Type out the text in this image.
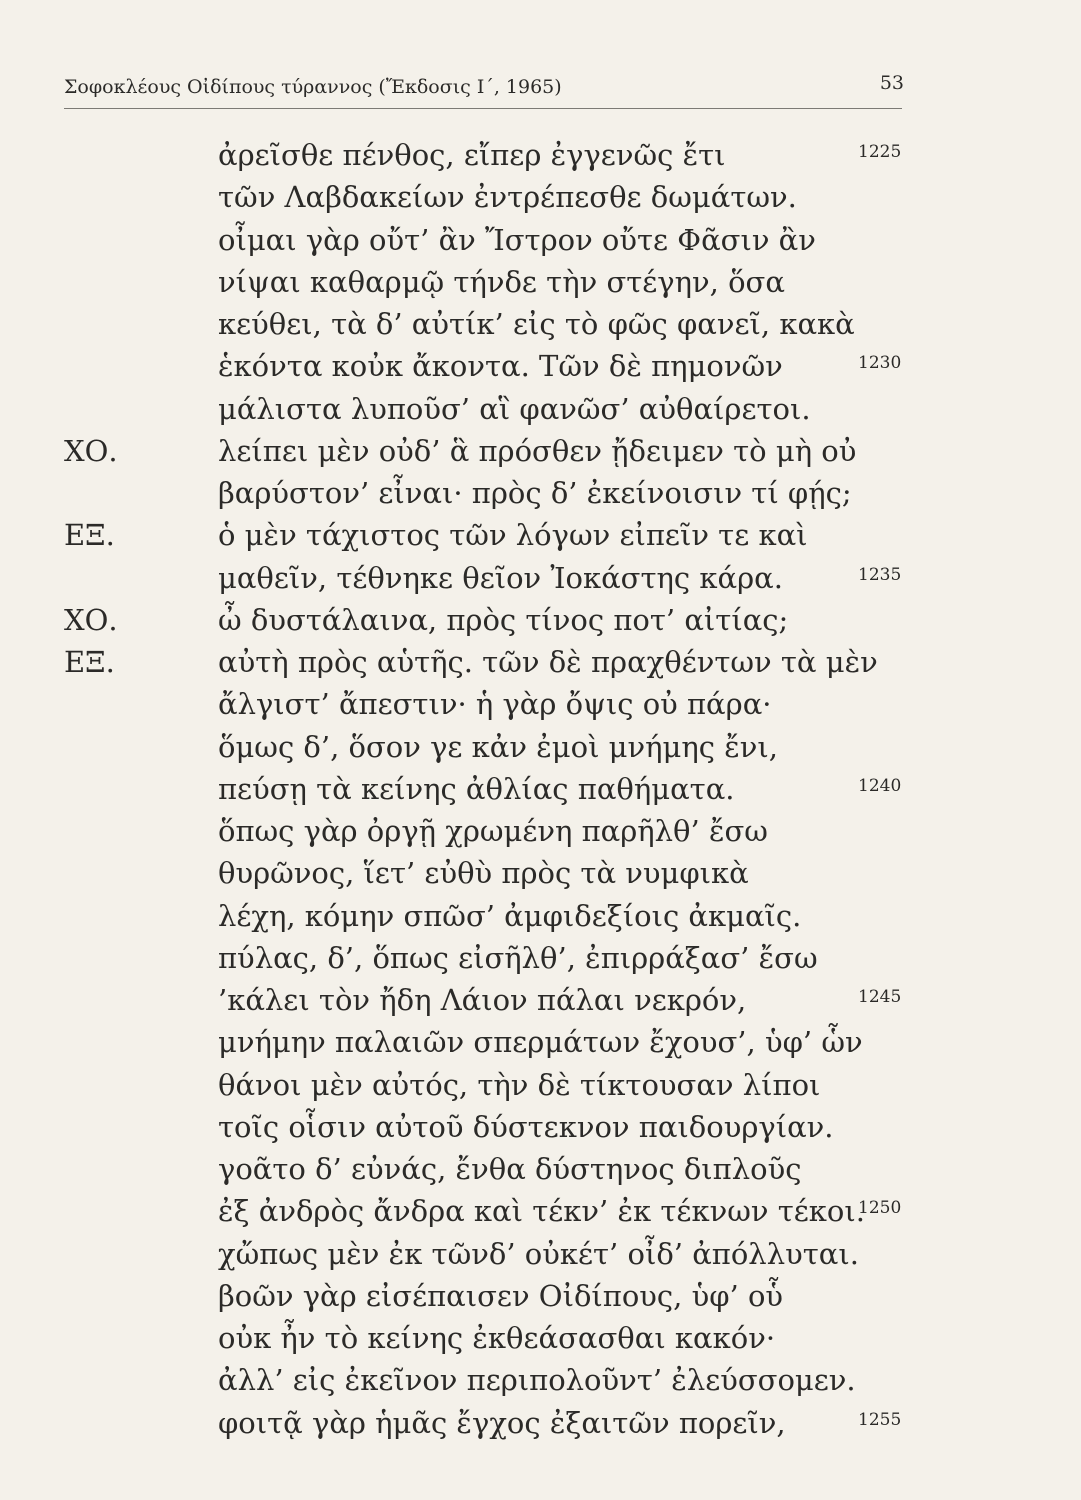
Σοφοκλέους Οἰδίπους τύραννος (Ἔκδοσις Ι΄, 1965)	53
ἀρεῖσθε πένθος, εἴπερ ἐγγενῶς ἔτι	1225
τῶν Λαβδακείων ἐντρέπεσθε δωμάτων.
οἶμαι γὰρ οὔτ’ ἂν Ἴστρον οὔτε Φᾶσιν ἂν
νίψαι καθαρμῷ τήνδε τὴν στέγην, ὅσα
κεύθει, τὰ δ’ αὐτίκ’ εἰς τὸ φῶς φανεῖ, κακὰ
ἑκόντα κοὐκ ἄκοντα. Τῶν δὲ πημονῶν	1230
μάλιστα λυποῦσ’ αἳ φανῶσ’ αὐθαίρετοι.
ΧΟ.	λείπει μὲν οὐδ’ ἃ πρόσθεν ᾔδειμεν τὸ μὴ οὐ
βαρύστον’ εἶναι· πρὸς δ’ ἐκείνοισιν τί φῄς;
ΕΞ.	ὁ μὲν τάχιστος τῶν λόγων εἰπεῖν τε καὶ
μαθεῖν, τέθνηκε θεῖον Ἰοκάστης κάρα.	1235
ΧΟ.	ὦ δυστάλαινα, πρὸς τίνος ποτ’ αἰτίας;
ΕΞ.	αὐτὴ πρὸς αὑτῆς. τῶν δὲ πραχθέντων τὰ μὲν
ἄλγιστ’ ἄπεστιν· ἡ γὰρ ὄψις οὐ πάρα·
ὅμως δ’, ὅσον γε κἀν ἐμοὶ μνήμης ἔνι,
πεύσῃ τὰ κείνης ἀθλίας παθήματα.	1240
ὅπως γὰρ ὀργῇ χρωμένη παρῆλθ’ ἔσω
θυρῶνος, ἵετ’ εὐθὺ πρὸς τὰ νυμφικὰ
λέχη, κόμην σπῶσ’ ἀμφιδεξίοις ἀκμαῖς.
πύλας, δ’, ὅπως εἰσῆλθ’, ἐπιρράξασ’ ἔσω
’κάλει τὸν ἤδη Λάιον πάλαι νεκρόν,	1245
μνήμην παλαιῶν σπερμάτων ἔχουσ’, ὑφ’ ὧν
θάνοι μὲν αὐτός, τὴν δὲ τίκτουσαν λίποι
τοῖς οἷσιν αὐτοῦ δύστεκνον παιδουργίαν.
γοᾶτο δ’ εὐνάς, ἔνθα δύστηνος διπλοῦς
ἐξ ἀνδρὸς ἄνδρα καὶ τέκν’ ἐκ τέκνων τέκοι.
1250
χὤπως μὲν ἐκ τῶνδ’ οὐκέτ’ οἶδ’ ἀπόλλυται.
βοῶν γὰρ εἰσέπαισεν Οἰδίπους, ὑφ’ οὗ
οὐκ ἦν τὸ κείνης ἐκθεάσασθαι κακόν·
ἀλλ’ εἰς ἐκεῖνον περιπολοῦντ’ ἐλεύσσομεν.
φοιτᾷ γὰρ ἡμᾶς ἔγχος ἐξαιτῶν πορεῖν,	1255
